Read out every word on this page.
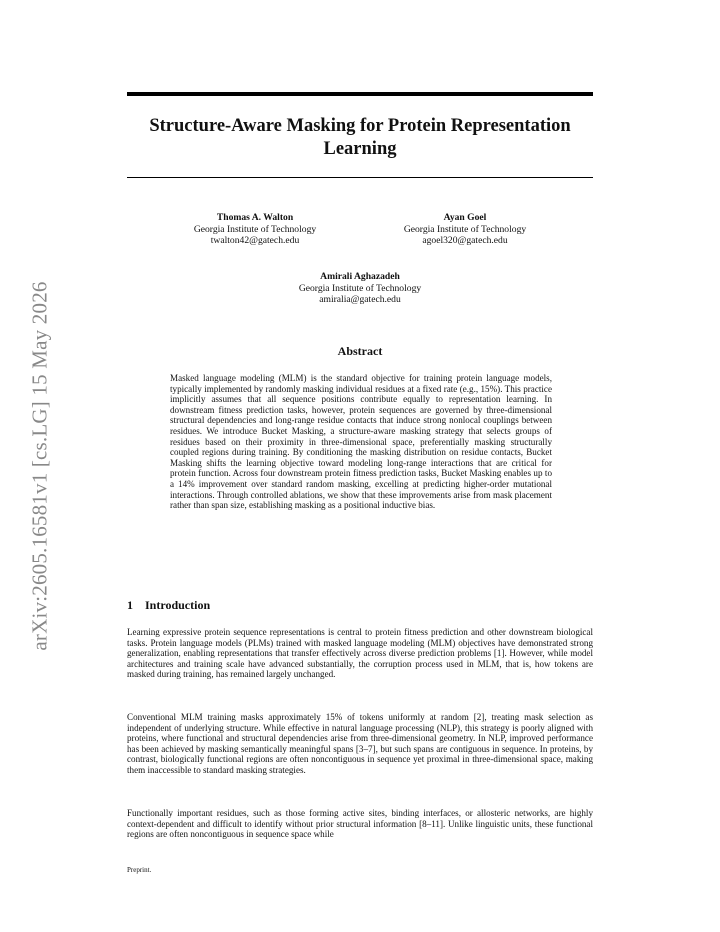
arXiv:2605.16581v1 [cs.LG] 15 May 2026
Structure-Aware Masking for Protein Representation Learning
Thomas A. Walton
Georgia Institute of Technology
twalton42@gatech.edu
Ayan Goel
Georgia Institute of Technology
agoel320@gatech.edu
Amirali Aghazadeh
Georgia Institute of Technology
amiralia@gatech.edu
Abstract

Masked language modeling (MLM) is the standard objective for training protein language models, typically implemented by randomly masking individual residues at a fixed rate (e.g., 15%). This practice implicitly assumes that all sequence positions contribute equally to representation learning. In downstream fitness prediction tasks, however, protein sequences are governed by three-dimensional structural dependencies and long-range residue contacts that induce strong nonlocal couplings between residues. We introduce Bucket Masking, a structure-aware masking strategy that selects groups of residues based on their proximity in three-dimensional space, preferentially masking structurally coupled regions during training. By conditioning the masking distribution on residue contacts, Bucket Masking shifts the learning objective toward modeling long-range interactions that are critical for protein function. Across four downstream protein fitness prediction tasks, Bucket Masking enables up to a 14% improvement over standard random masking, excelling at predicting higher-order mutational interactions. Through controlled ablations, we show that these improvements arise from mask placement rather than span size, establishing masking as a positional inductive bias.

1 Introduction

Learning expressive protein sequence representations is central to protein fitness prediction and other downstream biological tasks. Protein language models (PLMs) trained with masked language modeling (MLM) objectives have demonstrated strong generalization, enabling representations that transfer effectively across diverse prediction problems [1]. However, while model architectures and training scale have advanced substantially, the corruption process used in MLM, that is, how tokens are masked during training, has remained largely unchanged.

Conventional MLM training masks approximately 15% of tokens uniformly at random [2], treating mask selection as independent of underlying structure. While effective in natural language processing (NLP), this strategy is poorly aligned with proteins, where functional and structural dependencies arise from three-dimensional geometry. In NLP, improved performance has been achieved by masking semantically meaningful spans [3–7], but such spans are contiguous in sequence. In proteins, by contrast, biologically functional regions are often noncontiguous in sequence yet proximal in three-dimensional space, making them inaccessible to standard masking strategies.

Functionally important residues, such as those forming active sites, binding interfaces, or allosteric networks, are highly context-dependent and difficult to identify without prior structural information [8–11]. Unlike linguistic units, these functional regions are often noncontiguous in sequence space while

Preprint.
